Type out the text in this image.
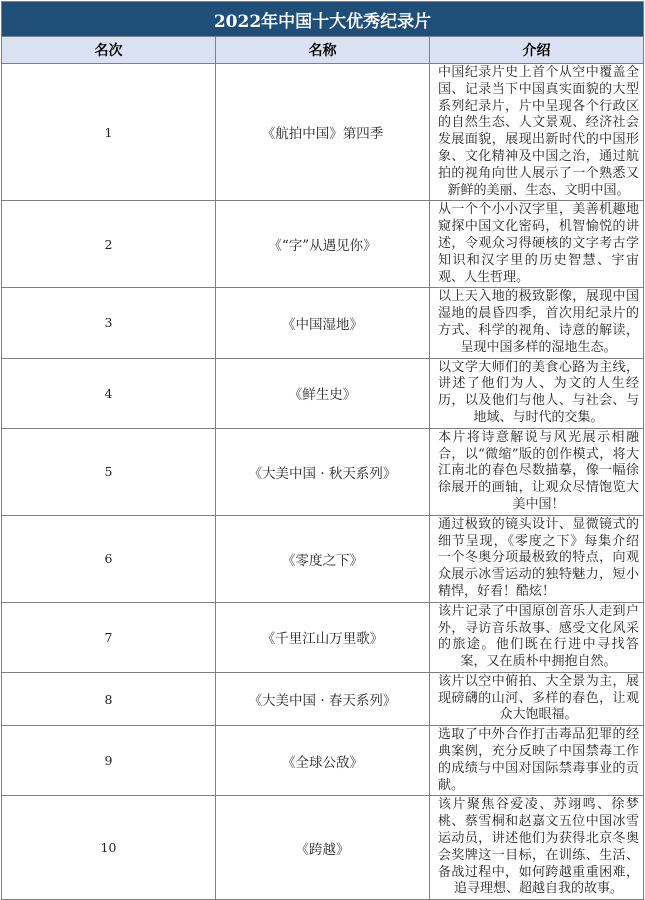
2022年中国十大优秀纪录片		
名次	名称	介绍
1	《航拍中国》第四季	中国纪录片史上首个从空中覆盖全国、记录当下中国真实面貌的大型系列纪录片，片中呈现各个行政区的自然生态、人文景观、经济社会发展面貌，展现出新时代的中国形象、文化精神及中国之治，通过航拍的视角向世人展示了一个熟悉又新鲜的美丽、生态、文明中国。
2	《“字”从遇见你》	从一个个小小汉字里，美善机趣地窥探中国文化密码，机智愉悦的讲述，令观众习得硬核的文字考古学知识和汉字里的历史智慧、宇宙观、人生哲理。
3	《中国湿地》	以上天入地的极致影像，展现中国湿地的晨昏四季，首次用纪录片的方式、科学的视角、诗意的解读，呈现中国多样的湿地生态。
4	《鲜生史》	以文学大师们的美食心路为主线，讲述了他们为人、为文的人生经历，以及他们与他人、与社会、与地域、与时代的交集。
5	《大美中国 · 秋天系列》	本片将诗意解说与风光展示相融合，以“微缩”版的创作模式，将大江南北的春色尽数描摹，像一幅徐徐展开的画轴，让观众尽情饱览大美中国！
6	《零度之下》	通过极致的镜头设计、显微镜式的细节呈现，《零度之下》每集介绍一个冬奥分项最极致的特点，向观众展示冰雪运动的独特魅力，短小精悍，好看！酷炫！
7	《千里江山万里歌》	该片记录了中国原创音乐人走到户外，寻访音乐故事、感受文化风采的旅途。他们既在行进中寻找答案，又在质朴中拥抱自然。
8	《大美中国 · 春天系列》	该片以空中俯拍、大全景为主，展现磅礴的山河、多样的春色，让观众大饱眼福。
9	《全球公敌》	选取了中外合作打击毒品犯罪的经典案例，充分反映了中国禁毒工作的成绩与中国对国际禁毒事业的贡献。
10	《跨越》	该片聚焦谷爱凌、苏翊鸣、徐梦桃、蔡雪桐和赵嘉文五位中国冰雪运动员，讲述他们为获得北京冬奥会奖牌这一目标，在训练、生活、备战过程中，如何跨越重重困难，追寻理想、超越自我的故事。
